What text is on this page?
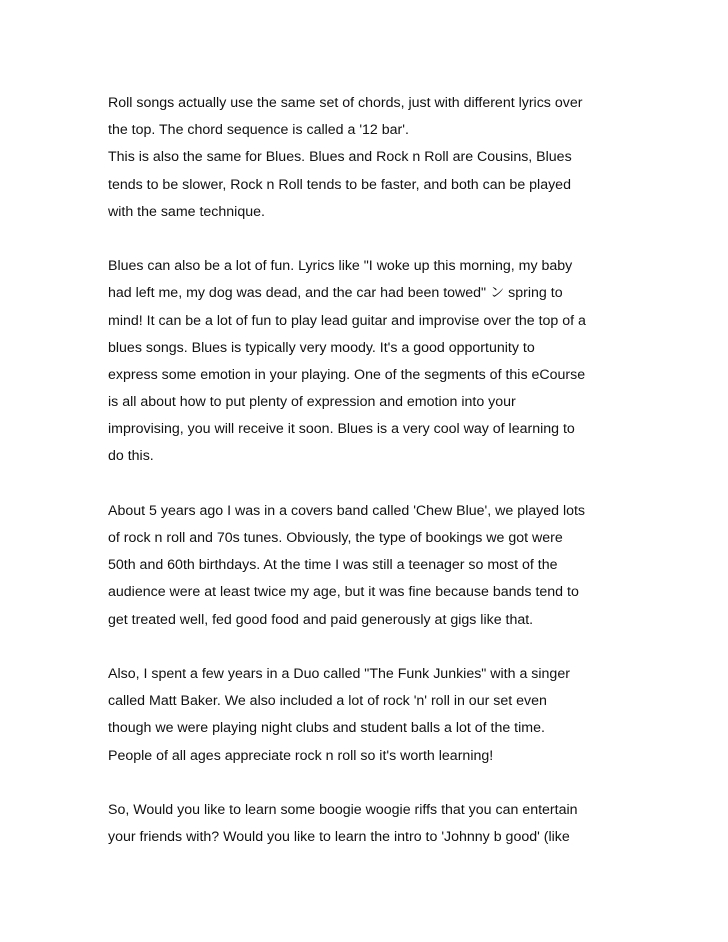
Roll songs actually use the same set of chords, just with different lyrics over
the top. The chord sequence is called a '12 bar'.
This is also the same for Blues. Blues and Rock n Roll are Cousins, Blues
tends to be slower, Rock n Roll tends to be faster, and both can be played
with the same technique.
Blues can also be a lot of fun. Lyrics like "I woke up this morning, my baby
had left me, my dog was dead, and the car had been towed" ン spring to
mind! It can be a lot of fun to play lead guitar and improvise over the top of a
blues songs. Blues is typically very moody. It's a good opportunity to
express some emotion in your playing. One of the segments of this eCourse
is all about how to put plenty of expression and emotion into your
improvising, you will receive it soon. Blues is a very cool way of learning to
do this.
About 5 years ago I was in a covers band called 'Chew Blue', we played lots
of rock n roll and 70s tunes. Obviously, the type of bookings we got were
50th and 60th birthdays. At the time I was still a teenager so most of the
audience were at least twice my age, but it was fine because bands tend to
get treated well, fed good food and paid generously at gigs like that.
Also, I spent a few years in a Duo called "The Funk Junkies" with a singer
called Matt Baker. We also included a lot of rock 'n' roll in our set even
though we were playing night clubs and student balls a lot of the time.
People of all ages appreciate rock n roll so it's worth learning!
So, Would you like to learn some boogie woogie riffs that you can entertain
your friends with? Would you like to learn the intro to 'Johnny b good' (like
